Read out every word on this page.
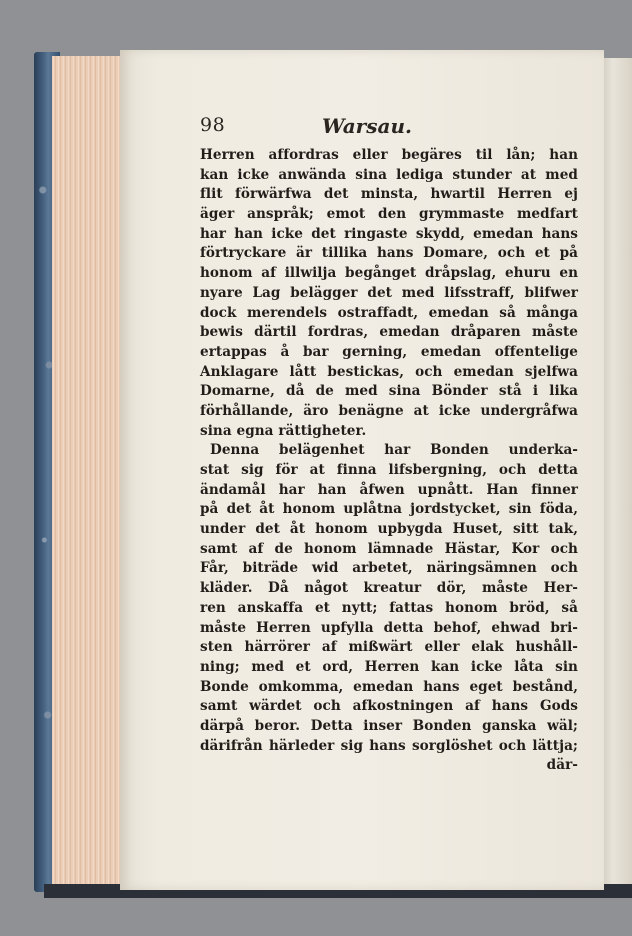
98	Warsau.
Herren affordras eller begäres til lån; han
kan icke anwända sina lediga stunder at med
flit förwärfwa det minsta, hwartil Herren ej
äger anspråk; emot den grymmaste medfart
har han icke det ringaste skydd, emedan hans
förtryckare är tillika hans Domare, och et på
honom af illwilja begånget dråpslag, ehuru en
nyare Lag belägger det med lifsstraff, blifwer
dock merendels ostraffadt, emedan så många
bewis därtil fordras, emedan dråparen måste
ertappas å bar gerning, emedan offentelige
Anklagare lått bestickas, och emedan sjelfwa
Domarne, då de med sina Bönder stå i lika
förhållande, äro benägne at icke undergråfwa
sina egna rättigheter.
Denna belägenhet har Bonden underka-
stat sig för at finna lifsbergning, och detta
ändamål har han åfwen upnått. Han finner
på det åt honom uplåtna jordstycket, sin föda,
under det åt honom upbygda Huset, sitt tak,
samt af de honom lämnade Hästar, Kor och
Får, biträde wid arbetet, näringsämnen och
kläder. Då något kreatur dör, måste Her-
ren anskaffa et nytt; fattas honom bröd, så
måste Herren upfylla detta behof, ehwad bri-
sten härrörer af mißwärt eller elak hushåll-
ning; med et ord, Herren kan icke låta sin
Bonde omkomma, emedan hans eget bestånd,
samt wärdet och afkostningen af hans Gods
därpå beror. Detta inser Bonden ganska wäl;
därifrån härleder sig hans sorglöshet och lättja;
där-
